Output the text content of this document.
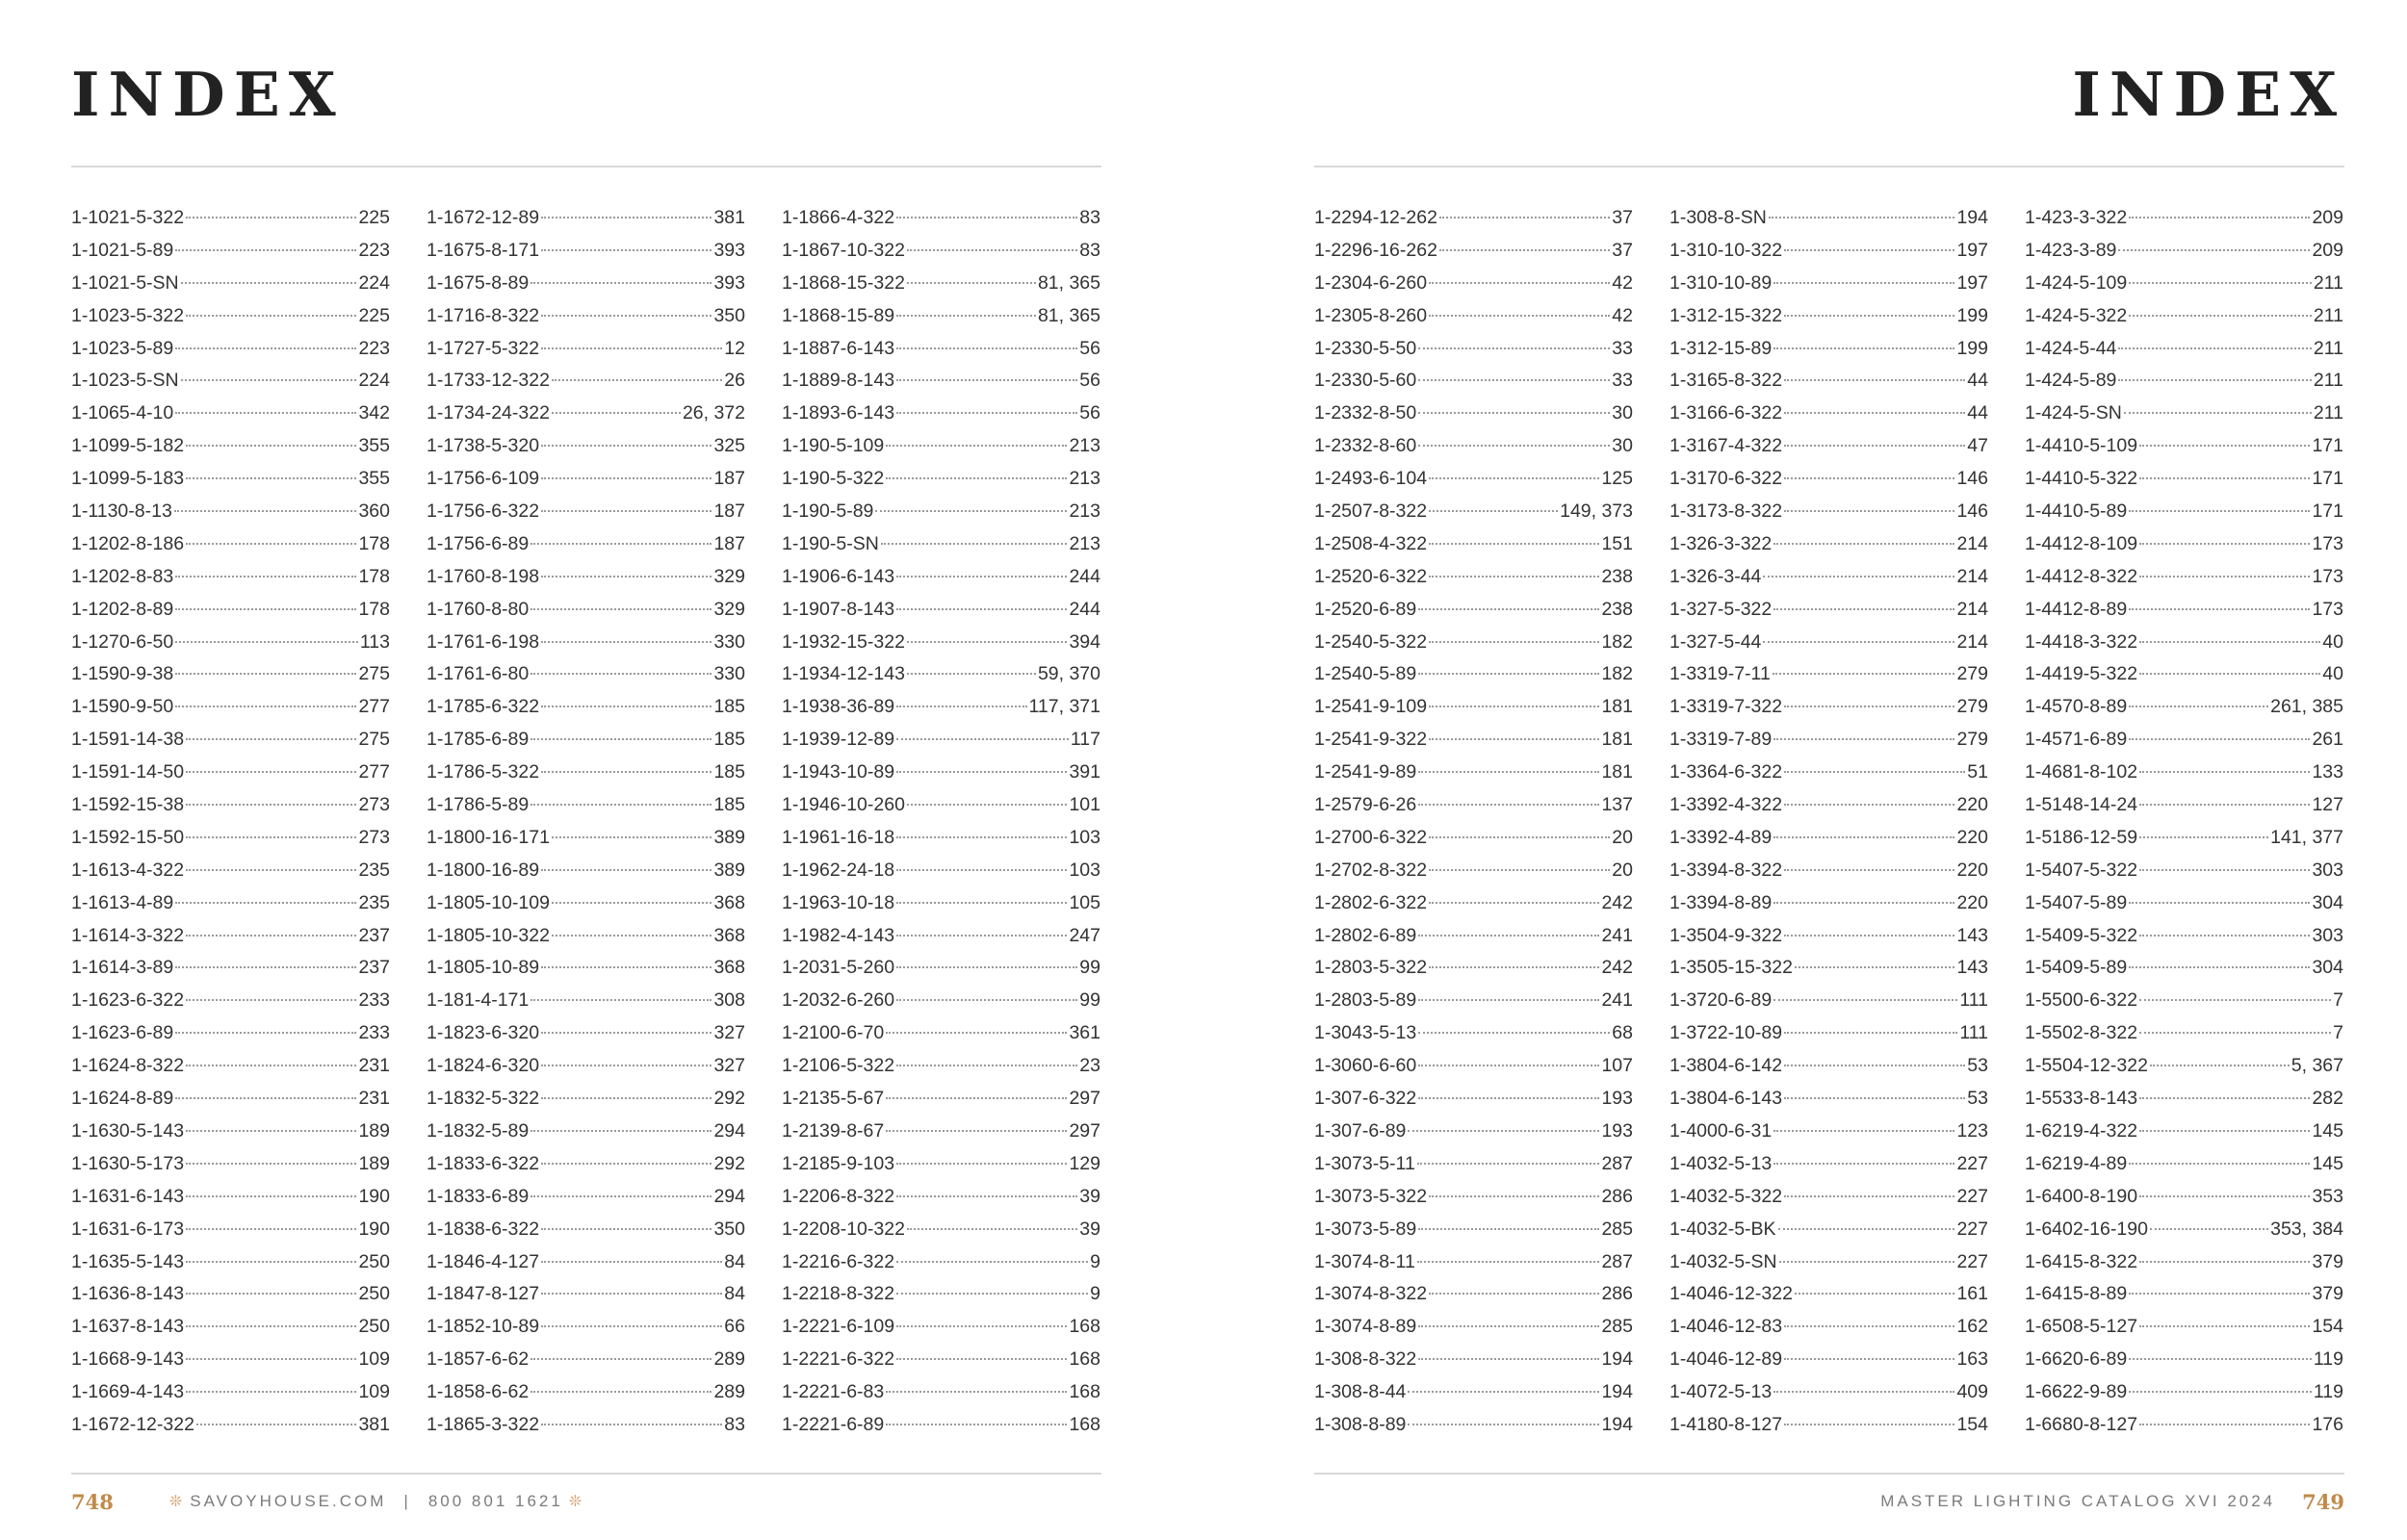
INDEX
1-1021-5-322	225
1-1021-5-89	223
1-1021-5-SN	224
1-1023-5-322	225
1-1023-5-89	223
1-1023-5-SN	224
1-1065-4-10	342
1-1099-5-182	355
1-1099-5-183	355
1-1130-8-13	360
1-1202-8-186	178
1-1202-8-83	178
1-1202-8-89	178
1-1270-6-50	113
1-1590-9-38	275
1-1590-9-50	277
1-1591-14-38	275
1-1591-14-50	277
1-1592-15-38	273
1-1592-15-50	273
1-1613-4-322	235
1-1613-4-89	235
1-1614-3-322	237
1-1614-3-89	237
1-1623-6-322	233
1-1623-6-89	233
1-1624-8-322	231
1-1624-8-89	231
1-1630-5-143	189
1-1630-5-173	189
1-1631-6-143	190
1-1631-6-173	190
1-1635-5-143	250
1-1636-8-143	250
1-1637-8-143	250
1-1668-9-143	109
1-1669-4-143	109
1-1672-12-322	381
1-1672-12-89	381
1-1675-8-171	393
1-1675-8-89	393
1-1716-8-322	350
1-1727-5-322	12
1-1733-12-322	26
1-1734-24-322	26, 372
1-1738-5-320	325
1-1756-6-109	187
1-1756-6-322	187
1-1756-6-89	187
1-1760-8-198	329
1-1760-8-80	329
1-1761-6-198	330
1-1761-6-80	330
1-1785-6-322	185
1-1785-6-89	185
1-1786-5-322	185
1-1786-5-89	185
1-1800-16-171	389
1-1800-16-89	389
1-1805-10-109	368
1-1805-10-322	368
1-1805-10-89	368
1-181-4-171	308
1-1823-6-320	327
1-1824-6-320	327
1-1832-5-322	292
1-1832-5-89	294
1-1833-6-322	292
1-1833-6-89	294
1-1838-6-322	350
1-1846-4-127	84
1-1847-8-127	84
1-1852-10-89	66
1-1857-6-62	289
1-1858-6-62	289
1-1865-3-322	83
1-1866-4-322	83
1-1867-10-322	83
1-1868-15-322	81, 365
1-1868-15-89	81, 365
1-1887-6-143	56
1-1889-8-143	56
1-1893-6-143	56
1-190-5-109	213
1-190-5-322	213
1-190-5-89	213
1-190-5-SN	213
1-1906-6-143	244
1-1907-8-143	244
1-1932-15-322	394
1-1934-12-143	59, 370
1-1938-36-89	117, 371
1-1939-12-89	117
1-1943-10-89	391
1-1946-10-260	101
1-1961-16-18	103
1-1962-24-18	103
1-1963-10-18	105
1-1982-4-143	247
1-2031-5-260	99
1-2032-6-260	99
1-2100-6-70	361
1-2106-5-322	23
1-2135-5-67	297
1-2139-8-67	297
1-2185-9-103	129
1-2206-8-322	39
1-2208-10-322	39
1-2216-6-322	9
1-2218-8-322	9
1-2221-6-109	168
1-2221-6-322	168
1-2221-6-83	168
1-2221-6-89	168
748	❊ SAVOYHOUSE.COM | 800 801 1621 ❊
INDEX
1-2294-12-262	37
1-2296-16-262	37
1-2304-6-260	42
1-2305-8-260	42
1-2330-5-50	33
1-2330-5-60	33
1-2332-8-50	30
1-2332-8-60	30
1-2493-6-104	125
1-2507-8-322	149, 373
1-2508-4-322	151
1-2520-6-322	238
1-2520-6-89	238
1-2540-5-322	182
1-2540-5-89	182
1-2541-9-109	181
1-2541-9-322	181
1-2541-9-89	181
1-2579-6-26	137
1-2700-6-322	20
1-2702-8-322	20
1-2802-6-322	242
1-2802-6-89	241
1-2803-5-322	242
1-2803-5-89	241
1-3043-5-13	68
1-3060-6-60	107
1-307-6-322	193
1-307-6-89	193
1-3073-5-11	287
1-3073-5-322	286
1-3073-5-89	285
1-3074-8-11	287
1-3074-8-322	286
1-3074-8-89	285
1-308-8-322	194
1-308-8-44	194
1-308-8-89	194
1-308-8-SN	194
1-310-10-322	197
1-310-10-89	197
1-312-15-322	199
1-312-15-89	199
1-3165-8-322	44
1-3166-6-322	44
1-3167-4-322	47
1-3170-6-322	146
1-3173-8-322	146
1-326-3-322	214
1-326-3-44	214
1-327-5-322	214
1-327-5-44	214
1-3319-7-11	279
1-3319-7-322	279
1-3319-7-89	279
1-3364-6-322	51
1-3392-4-322	220
1-3392-4-89	220
1-3394-8-322	220
1-3394-8-89	220
1-3504-9-322	143
1-3505-15-322	143
1-3720-6-89	111
1-3722-10-89	111
1-3804-6-142	53
1-3804-6-143	53
1-4000-6-31	123
1-4032-5-13	227
1-4032-5-322	227
1-4032-5-BK	227
1-4032-5-SN	227
1-4046-12-322	161
1-4046-12-83	162
1-4046-12-89	163
1-4072-5-13	409
1-4180-8-127	154
1-423-3-322	209
1-423-3-89	209
1-424-5-109	211
1-424-5-322	211
1-424-5-44	211
1-424-5-89	211
1-424-5-SN	211
1-4410-5-109	171
1-4410-5-322	171
1-4410-5-89	171
1-4412-8-109	173
1-4412-8-322	173
1-4412-8-89	173
1-4418-3-322	40
1-4419-5-322	40
1-4570-8-89	261, 385
1-4571-6-89	261
1-4681-8-102	133
1-5148-14-24	127
1-5186-12-59	141, 377
1-5407-5-322	303
1-5407-5-89	304
1-5409-5-322	303
1-5409-5-89	304
1-5500-6-322	7
1-5502-8-322	7
1-5504-12-322	5, 367
1-5533-8-143	282
1-6219-4-322	145
1-6219-4-89	145
1-6400-8-190	353
1-6402-16-190	353, 384
1-6415-8-322	379
1-6415-8-89	379
1-6508-5-127	154
1-6620-6-89	119
1-6622-9-89	119
1-6680-8-127	176
MASTER LIGHTING CATALOG XVI 2024 749
